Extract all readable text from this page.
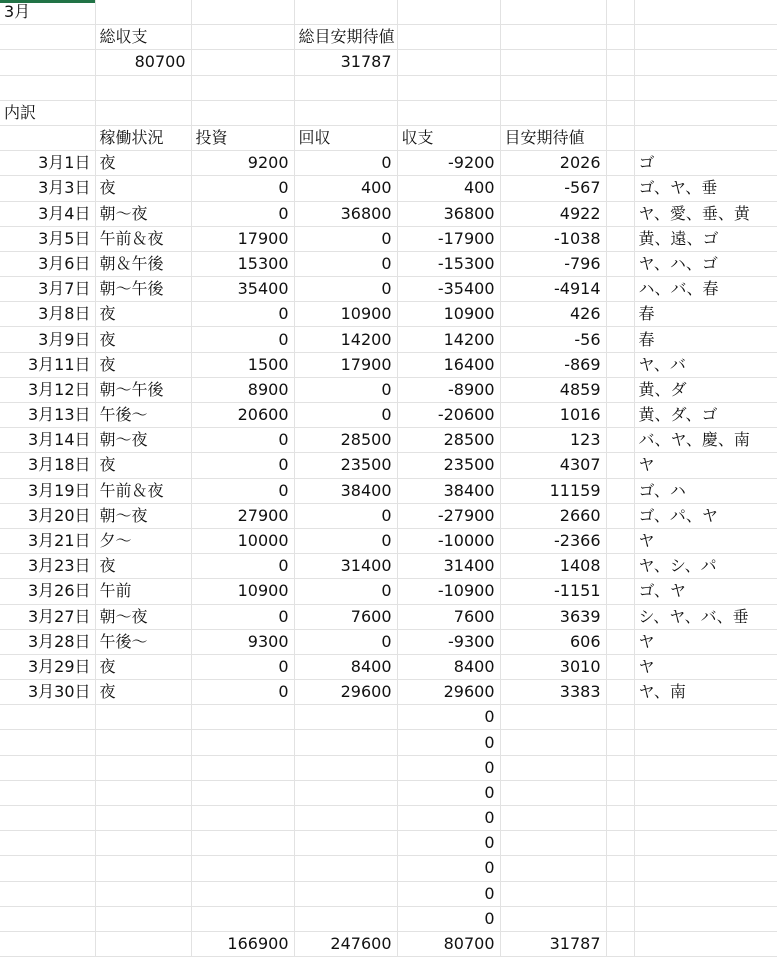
3月							
	総収支		総目安期待値				
	80700		31787				

内訳							
	稼働状況	投資	回収	収支	目安期待値		
3月1日	夜	9200	0	-9200	2026		ゴ
3月3日	夜	0	400	400	-567		ゴ、ヤ、垂
3月4日	朝～夜	0	36800	36800	4922		ヤ、愛、垂、黄
3月5日	午前＆夜	17900	0	-17900	-1038		黄、遠、ゴ
3月6日	朝＆午後	15300	0	-15300	-796		ヤ、ハ、ゴ
3月7日	朝～午後	35400	0	-35400	-4914		ハ、バ、春
3月8日	夜	0	10900	10900	426		春
3月9日	夜	0	14200	14200	-56		春
3月11日	夜	1500	17900	16400	-869		ヤ、バ
3月12日	朝～午後	8900	0	-8900	4859		黄、ダ
3月13日	午後～	20600	0	-20600	1016		黄、ダ、ゴ
3月14日	朝～夜	0	28500	28500	123		バ、ヤ、慶、南
3月18日	夜	0	23500	23500	4307		ヤ
3月19日	午前＆夜	0	38400	38400	11159		ゴ、ハ
3月20日	朝～夜	27900	0	-27900	2660		ゴ、パ、ヤ
3月21日	夕～	10000	0	-10000	-2366		ヤ
3月23日	夜	0	31400	31400	1408		ヤ、シ、パ
3月26日	午前	10900	0	-10900	-1151		ゴ、ヤ
3月27日	朝～夜	0	7600	7600	3639		シ、ヤ、バ、垂
3月28日	午後～	9300	0	-9300	606		ヤ
3月29日	夜	0	8400	8400	3010		ヤ
3月30日	夜	0	29600	29600	3383		ヤ、南
				0			
				0			
				0			
				0			
				0			
				0			
				0			
				0			
				0			
		166900	247600	80700	31787		
